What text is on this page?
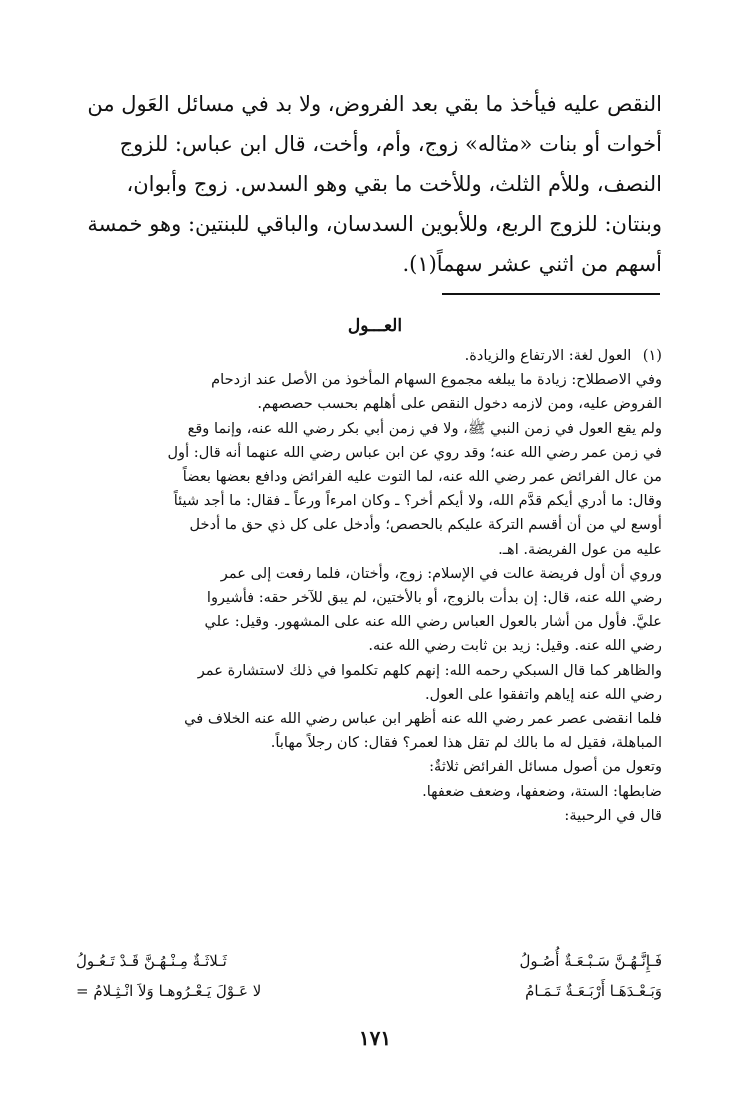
النقص عليه فيأخذ ما بقي بعد الفروض، ولا بد في مسائل العَول من

أخوات أو بنات «مثاله» زوج، وأم، وأخت، قال ابن عباس: للزوج

النصف، وللأم الثلث، وللأخت ما بقي وهو السدس. زوج وأبوان،

وبنتان: للزوج الربع، وللأبوين السدسان، والباقي للبنتين: وهو خمسة

أسهم من اثني عشر سهماً(١).

العـــول

(١) العول لغة: الارتفاع والزيادة.

وفي الاصطلاح: زيادة ما يبلغه مجموع السهام المأخوذ من الأصل عند ازدحام

الفروض عليه، ومن لازمه دخول النقص على أهلهم بحسب حصصهم.

ولم يقع العول في زمن النبي ﷺ، ولا في زمن أبي بكر رضي الله عنه، وإنما وقع

في زمن عمر رضي الله عنه؛ وقد روي عن ابن عباس رضي الله عنهما أنه قال: أول

من عال الفرائض عمر رضي الله عنه، لما التوت عليه الفرائض ودافع بعضها بعضاً

وقال: ما أدري أيكم قدَّم الله، ولا أيكم أخر؟ ـ وكان امرءاً ورعاً ـ فقال: ما أجد شيئاً

أوسع لي من أن أقسم التركة عليكم بالحصص؛ وأدخل على كل ذي حق ما أدخل

عليه من عول الفريضة. اهـ.

وروي أن أول فريضة عالت في الإسلام: زوج، وأختان، فلما رفعت إلى عمر

رضي الله عنه، قال: إن بدأت بالزوج، أو بالأختين، لم يبق للآخر حقه: فأشيروا

عليَّ. فأول من أشار بالعول العباس رضي الله عنه على المشهور. وقيل: علي

رضي الله عنه. وقيل: زيد بن ثابت رضي الله عنه.

والظاهر كما قال السبكي رحمه الله: إنهم كلهم تكلموا في ذلك لاستشارة عمر

رضي الله عنه إياهم واتفقوا على العول.

فلما انقضى عصر عمر رضي الله عنه أظهر ابن عباس رضي الله عنه الخلاف في

المباهلة، فقيل له ما بالك لم تقل هذا لعمر؟ فقال: كان رجلاً مهاباً.

وتعول من أصول مسائل الفرائض ثلاثةٌ:

ضابطها: الستة، وضعفها، وضعف ضعفها.

قال في الرحبية:

فَـإِنَّـهُـنَّ سَـبْـعَـةٌ أُصُـولُ
ثَـلاثَـةٌ مِـنْـهُـنَّ قَـدْ تَـعُـولُ
وَبَـعْـدَهَـا أَرْبَـعَـةٌ تَـمَـامُ
لا عَـوْلَ يَـعْـرُوهـا وَلاَ انْـثِـلامُ =
١٧١
